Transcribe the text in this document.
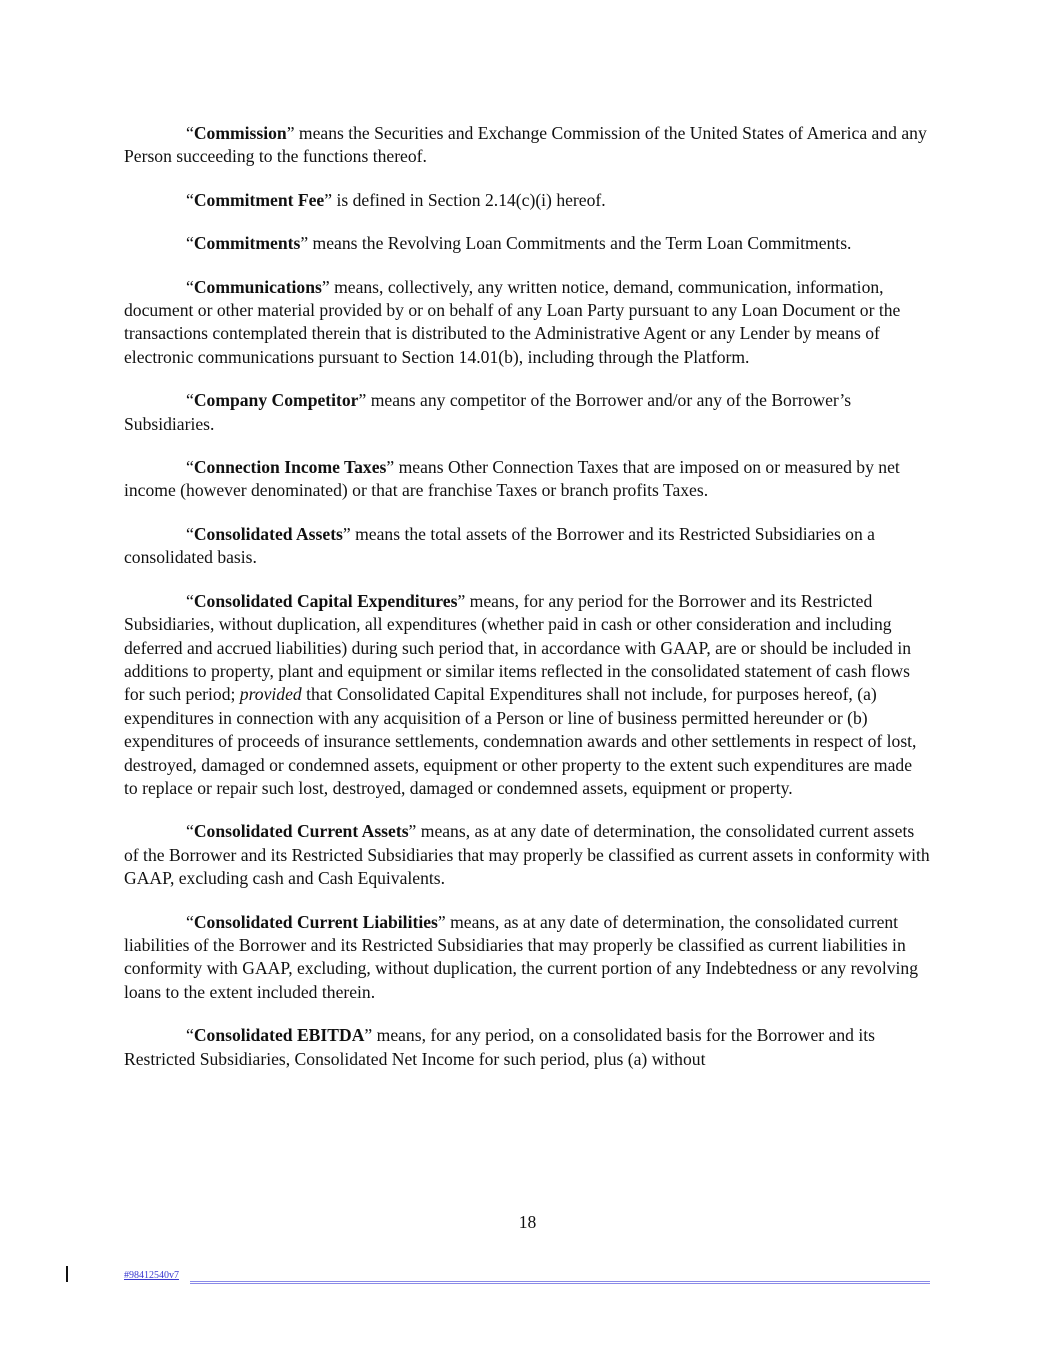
“Commission” means the Securities and Exchange Commission of the United States of America and any Person succeeding to the functions thereof.

“Commitment Fee” is defined in Section 2.14(c)(i) hereof.

“Commitments” means the Revolving Loan Commitments and the Term Loan Commitments.

“Communications” means, collectively, any written notice, demand, communication, information, document or other material provided by or on behalf of any Loan Party pursuant to any Loan Document or the transactions contemplated therein that is distributed to the Administrative Agent or any Lender by means of electronic communications pursuant to Section 14.01(b), including through the Platform.

“Company Competitor” means any competitor of the Borrower and/or any of the Borrower’s Subsidiaries.

“Connection Income Taxes” means Other Connection Taxes that are imposed on or measured by net income (however denominated) or that are franchise Taxes or branch profits Taxes.

“Consolidated Assets” means the total assets of the Borrower and its Restricted Subsidiaries on a consolidated basis.

“Consolidated Capital Expenditures” means, for any period for the Borrower and its Restricted Subsidiaries, without duplication, all expenditures (whether paid in cash or other consideration and including deferred and accrued liabilities) during such period that, in accordance with GAAP, are or should be included in additions to property, plant and equipment or similar items reflected in the consolidated statement of cash flows for such period; provided that Consolidated Capital Expenditures shall not include, for purposes hereof, (a) expenditures in connection with any acquisition of a Person or line of business permitted hereunder or (b) expenditures of proceeds of insurance settlements, condemnation awards and other settlements in respect of lost, destroyed, damaged or condemned assets, equipment or other property to the extent such expenditures are made to replace or repair such lost, destroyed, damaged or condemned assets, equipment or property.

“Consolidated Current Assets” means, as at any date of determination, the consolidated current assets of the Borrower and its Restricted Subsidiaries that may properly be classified as current assets in conformity with GAAP, excluding cash and Cash Equivalents.

“Consolidated Current Liabilities” means, as at any date of determination, the consolidated current liabilities of the Borrower and its Restricted Subsidiaries that may properly be classified as current liabilities in conformity with GAAP, excluding, without duplication, the current portion of any Indebtedness or any revolving loans to the extent included therein.

“Consolidated EBITDA” means, for any period, on a consolidated basis for the Borrower and its Restricted Subsidiaries, Consolidated Net Income for such period, plus (a) without

18
#98412540v7
